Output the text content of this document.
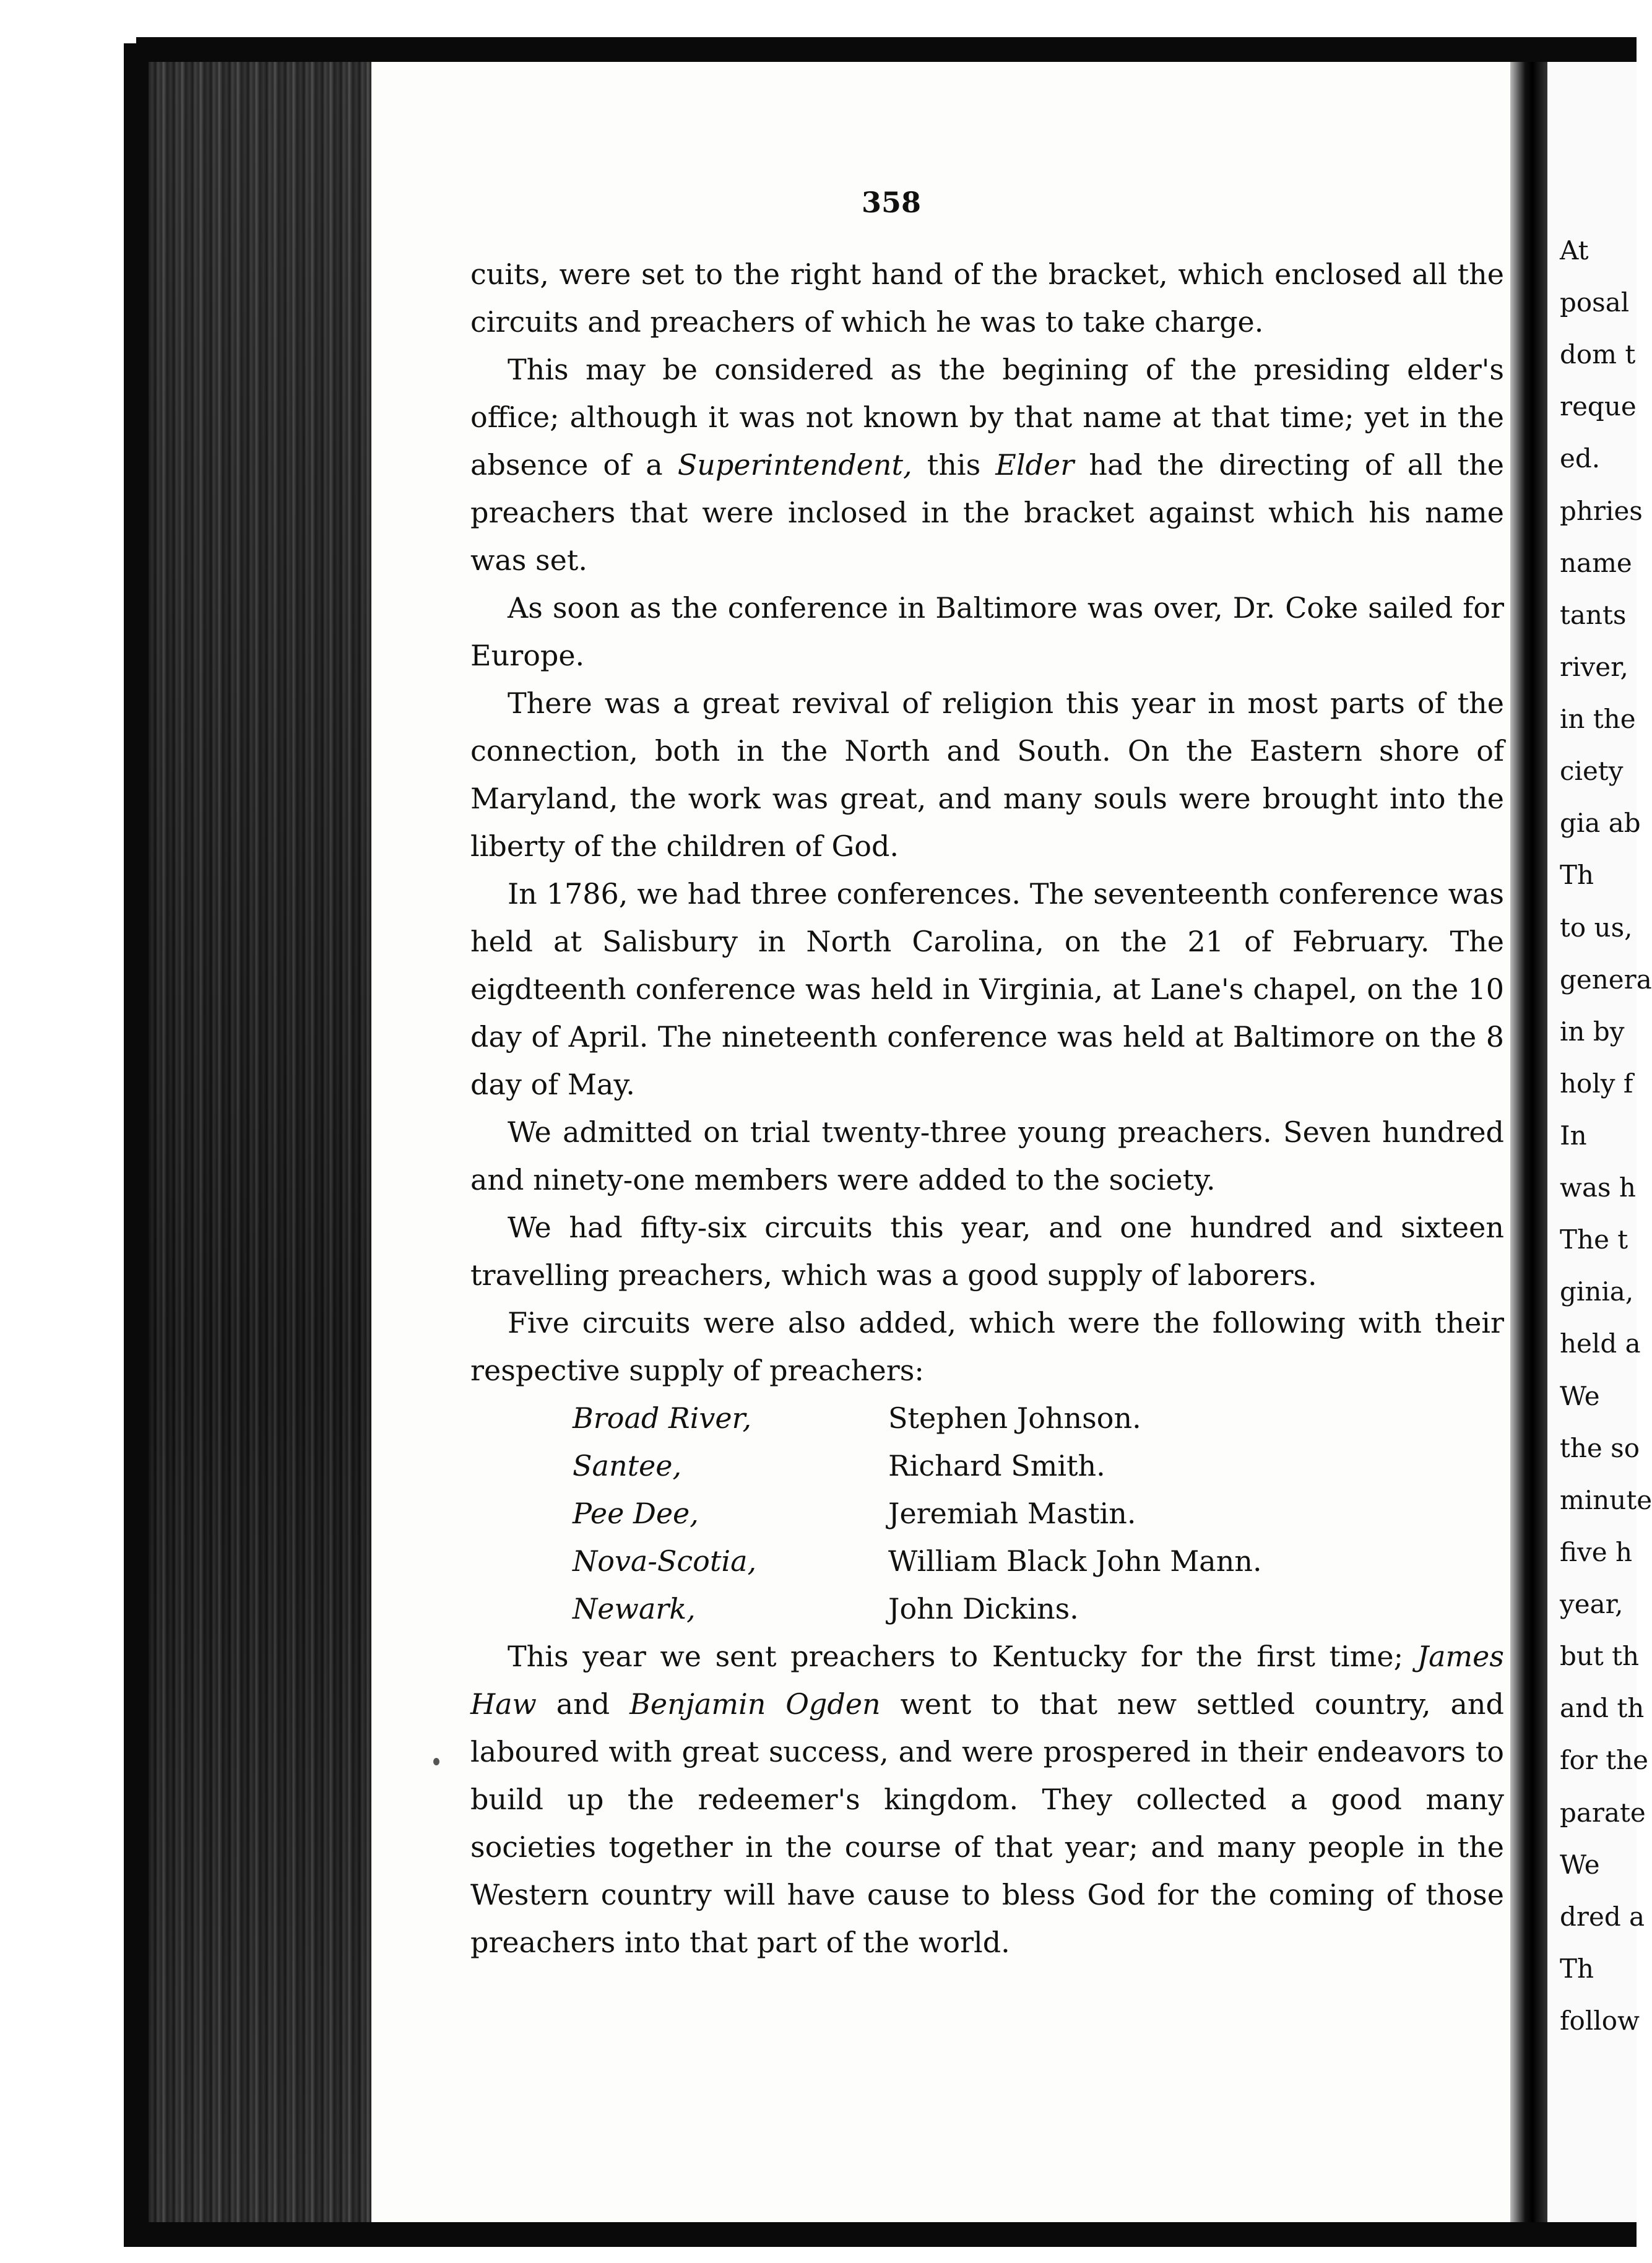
358

cuits, were set to the right hand of the bracket, which enclosed all the circuits and preachers of which he was to take charge.

This may be considered as the begining of the presiding elder's office; although it was not known by that name at that time; yet in the absence of a Superintendent, this Elder had the directing of all the preachers that were inclosed in the bracket against which his name was set.

As soon as the conference in Baltimore was over, Dr. Coke sailed for Europe.

There was a great revival of religion this year in most parts of the connection, both in the North and South. On the Eastern shore of Maryland, the work was great, and many souls were brought into the liberty of the children of God.

In 1786, we had three conferences. The seventeenth conference was held at Salisbury in North Carolina, on the 21 of February. The eigdteenth conference was held in Virginia, at Lane's chapel, on the 10 day of April. The nineteenth conference was held at Baltimore on the 8 day of May.

We admitted on trial twenty-three young preachers. Seven hundred and ninety-one members were added to the society.

We had fifty-six circuits this year, and one hundred and sixteen travelling preachers, which was a good supply of laborers.

Five circuits were also added, which were the following with their respective supply of preachers:

Broad River,	Stephen Johnson.
Santee,	Richard Smith.
Pee Dee,	Jeremiah Mastin.
Nova-Scotia,	William Black John Mann.
Newark,	John Dickins.

This year we sent preachers to Kentucky for the first time; James Haw and Benjamin Ogden went to that new settled country, and laboured with great success, and were prospered in their endeavors to build up the redeemer's kingdom. They collected a good many societies together in the course of that year; and many people in the Western country will have cause to bless God for the coming of those preachers into that part of the world.

At
posal
dom t
reque
ed.
phries
name
tants
river,
in the
ciety
gia ab
Th
to us,
genera
in by
holy f
In
was h
The t
ginia,
held a
We
the so
minute
five h
year,
but th
and th
for the
parate
We
dred a
Th
follow
